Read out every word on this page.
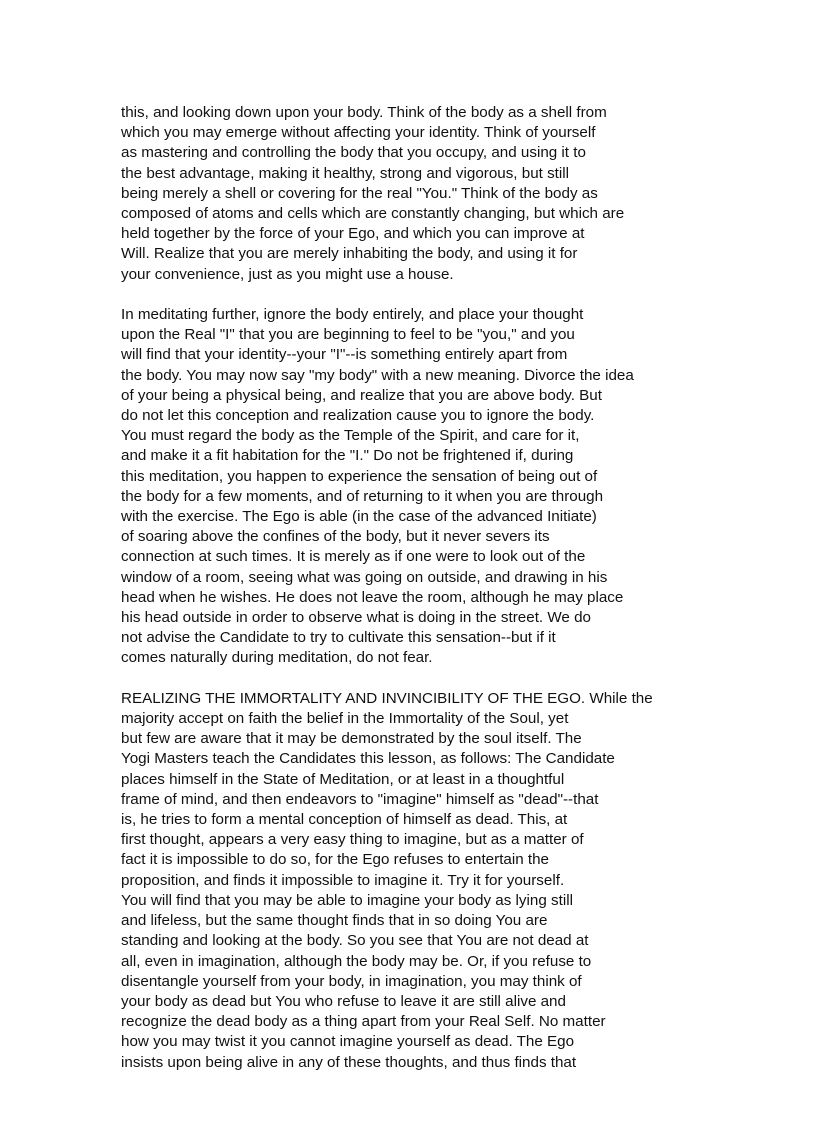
this, and looking down upon your body. Think of the body as a shell from
which you may emerge without affecting your identity. Think of yourself
as mastering and controlling the body that you occupy, and using it to
the best advantage, making it healthy, strong and vigorous, but still
being merely a shell or covering for the real "You." Think of the body as
composed of atoms and cells which are constantly changing, but which are
held together by the force of your Ego, and which you can improve at
Will. Realize that you are merely inhabiting the body, and using it for
your convenience, just as you might use a house.

In meditating further, ignore the body entirely, and place your thought
upon the Real "I" that you are beginning to feel to be "you," and you
will find that your identity--your "I"--is something entirely apart from
the body. You may now say "my body" with a new meaning. Divorce the idea
of your being a physical being, and realize that you are above body. But
do not let this conception and realization cause you to ignore the body.
You must regard the body as the Temple of the Spirit, and care for it,
and make it a fit habitation for the "I." Do not be frightened if, during
this meditation, you happen to experience the sensation of being out of
the body for a few moments, and of returning to it when you are through
with the exercise. The Ego is able (in the case of the advanced Initiate)
of soaring above the confines of the body, but it never severs its
connection at such times. It is merely as if one were to look out of the
window of a room, seeing what was going on outside, and drawing in his
head when he wishes. He does not leave the room, although he may place
his head outside in order to observe what is doing in the street. We do
not advise the Candidate to try to cultivate this sensation--but if it
comes naturally during meditation, do not fear.

REALIZING THE IMMORTALITY AND INVINCIBILITY OF THE EGO. While the
majority accept on faith the belief in the Immortality of the Soul, yet
but few are aware that it may be demonstrated by the soul itself. The
Yogi Masters teach the Candidates this lesson, as follows: The Candidate
places himself in the State of Meditation, or at least in a thoughtful
frame of mind, and then endeavors to "imagine" himself as "dead"--that
is, he tries to form a mental conception of himself as dead. This, at
first thought, appears a very easy thing to imagine, but as a matter of
fact it is impossible to do so, for the Ego refuses to entertain the
proposition, and finds it impossible to imagine it. Try it for yourself.
You will find that you may be able to imagine your body as lying still
and lifeless, but the same thought finds that in so doing You are
standing and looking at the body. So you see that You are not dead at
all, even in imagination, although the body may be. Or, if you refuse to
disentangle yourself from your body, in imagination, you may think of
your body as dead but You who refuse to leave it are still alive and
recognize the dead body as a thing apart from your Real Self. No matter
how you may twist it you cannot imagine yourself as dead. The Ego
insists upon being alive in any of these thoughts, and thus finds that
